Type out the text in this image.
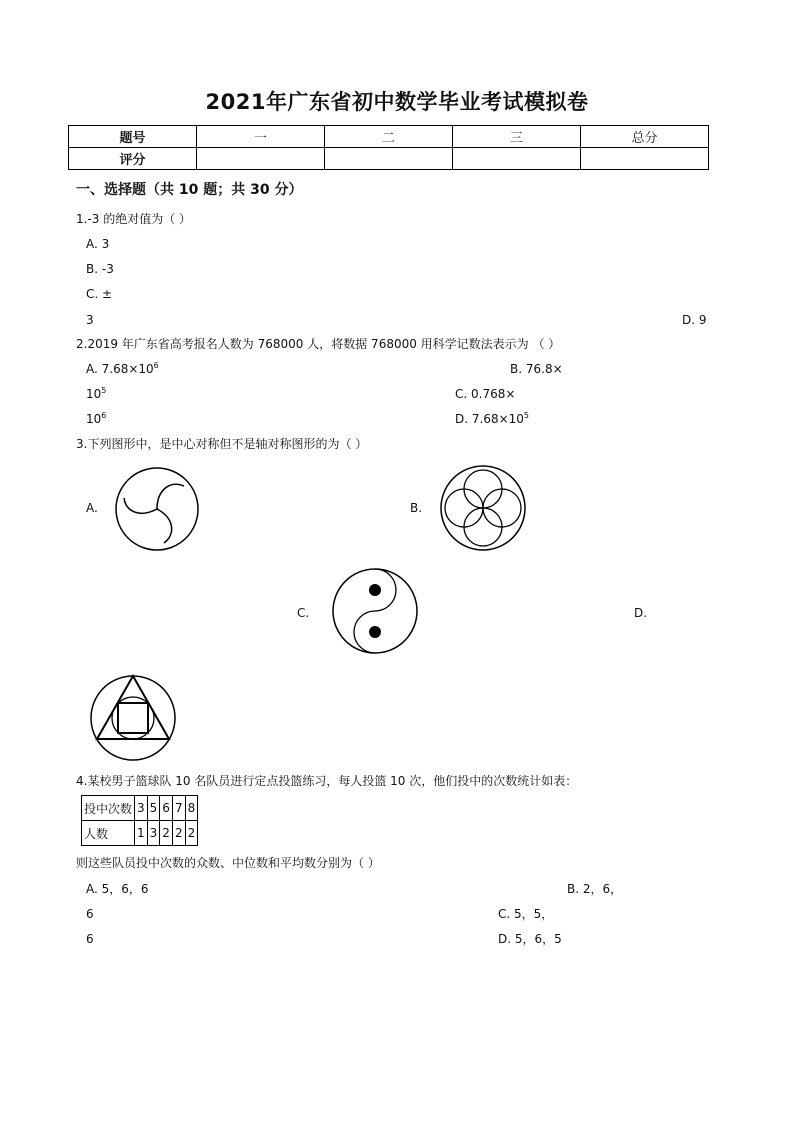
2021年广东省初中数学毕业考试模拟卷
题号	一	二	三	总分
评分				
一、选择题（共 10 题；共 30 分）
1.-3 的绝对值为（ ）
A. 3
B. -3
C. ±
3	D. 9
2.2019 年广东省高考报名人数为 768000 人，将数据 768000 用科学记数法表示为 （ ）
A. $7.68\times 10^6$	B. 76.8×
$10^5$	C. 0.768×
$10^6$	D. $7.68\times 10^5$
3.下列图形中，是中心对称但不是轴对称图形的为（ ）
A.	B.
C.	D.
4.某校男子篮球队 10 名队员进行定点投篮练习，每人投篮 10 次，他们投中的次数统计如表：
投中次数	3	5	6	7	8
人数	1	3	2	2	2
则这些队员投中次数的众数、中位数和平均数分别为（ ）
A. 5，6，6	B. 2，6，
6	C. 5，5，
6	D. 5，6，5
